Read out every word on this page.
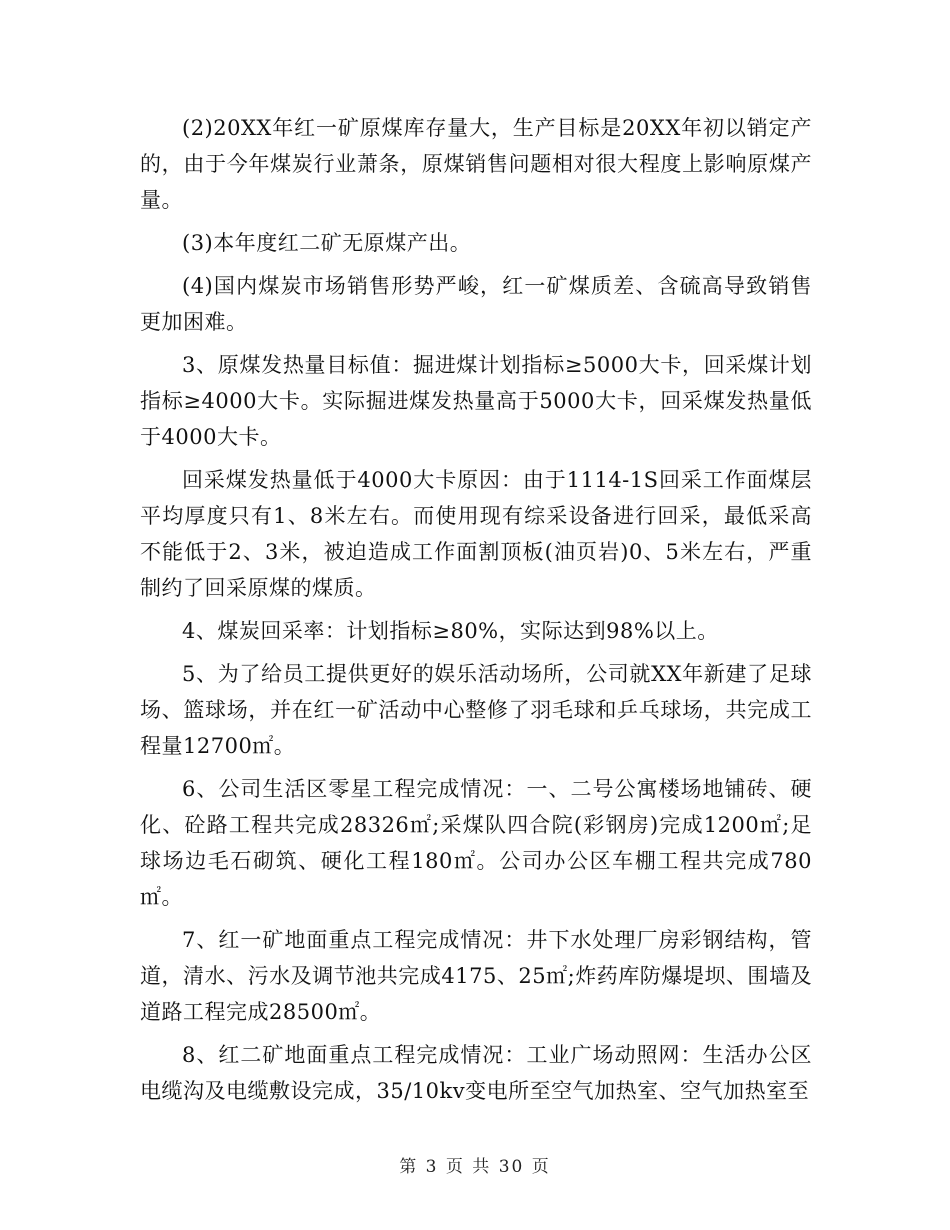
(2)20XX年红一矿原煤库存量大，生产目标是20XX年初以销定产的，由于今年煤炭行业萧条，原煤销售问题相对很大程度上影响原煤产量。

(3)本年度红二矿无原煤产出。

(4)国内煤炭市场销售形势严峻，红一矿煤质差、含硫高导致销售更加困难。

3、原煤发热量目标值：掘进煤计划指标≥5000大卡，回采煤计划指标≥4000大卡。实际掘进煤发热量高于5000大卡，回采煤发热量低于4000大卡。

回采煤发热量低于4000大卡原因：由于1114-1S回采工作面煤层平均厚度只有1、8米左右。而使用现有综采设备进行回采，最低采高不能低于2、3米，被迫造成工作面割顶板(油页岩)0、5米左右，严重制约了回采原煤的煤质。

4、煤炭回采率：计划指标≥80%，实际达到98%以上。

5、为了给员工提供更好的娱乐活动场所，公司就XX年新建了足球场、篮球场，并在红一矿活动中心整修了羽毛球和乒乓球场，共完成工程量12700㎡。

6、公司生活区零星工程完成情况：一、二号公寓楼场地铺砖、硬化、砼路工程共完成28326㎡;采煤队四合院(彩钢房)完成1200㎡;足球场边毛石砌筑、硬化工程180㎡。公司办公区车棚工程共完成780㎡。

7、红一矿地面重点工程完成情况：井下水处理厂房彩钢结构，管道，清水、污水及调节池共完成4175、25㎡;炸药库防爆堤坝、围墙及道路工程完成28500㎡。

8、红二矿地面重点工程完成情况：工业广场动照网：生活办公区电缆沟及电缆敷设完成，35/10kv变电所至空气加热室、空气加热室至

第 3 页 共 30 页
